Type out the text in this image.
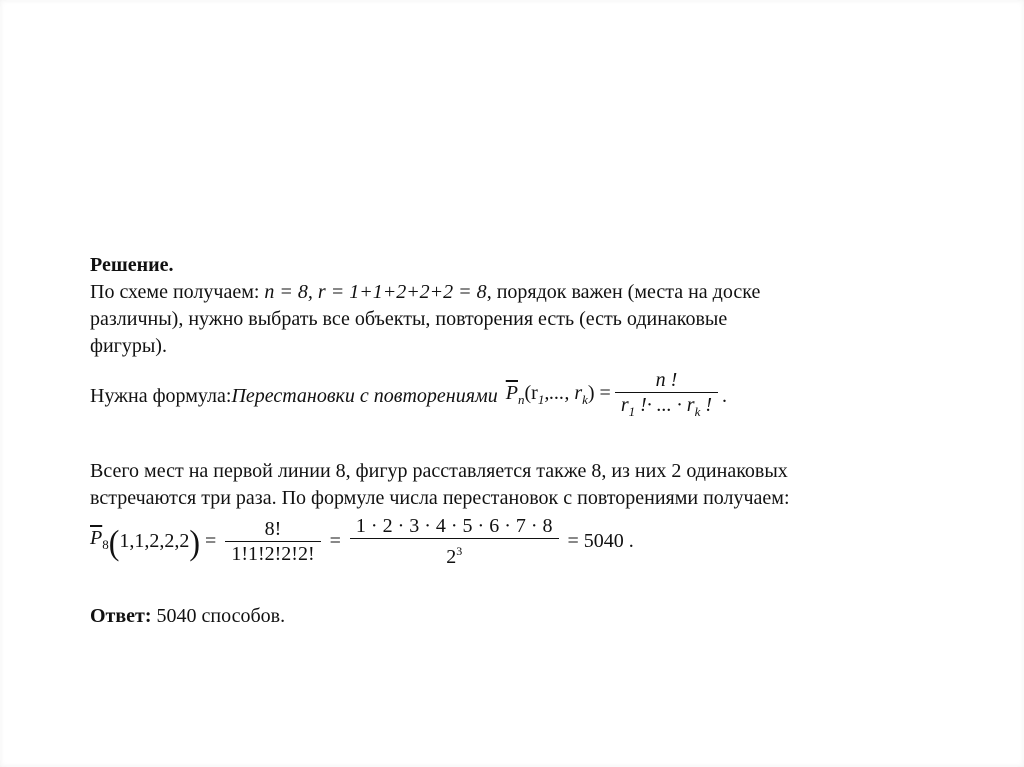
Решение.
По схеме получаем: n = 8, r = 1+1+2+2+2 = 8, порядок важен (места на доске
различны), нужно выбрать все объекты, повторения есть (есть одинаковые
фигуры).
Нужна формула: Перестановки с повторениями $\overline{P}_n(r_1$,..., $r_k) = \frac{n !}{r_1 !\cdot ... \cdot r_k !}$ .
Всего мест на первой линии 8, фигур расставляется также 8, из них 2 одинаковых
встречаются три раза. По формуле числа перестановок с повторениями получаем:
$\overline{P}_8$ ( 1,1,2,2,2 ) = $\frac{8!}{1!1!2!2!2!} = \frac{1 \cdot 2 \cdot 3 \cdot 4 \cdot 5 \cdot 6 \cdot 7 \cdot 8}{2^3} = 5040$ .
Ответ: 5040 способов.
